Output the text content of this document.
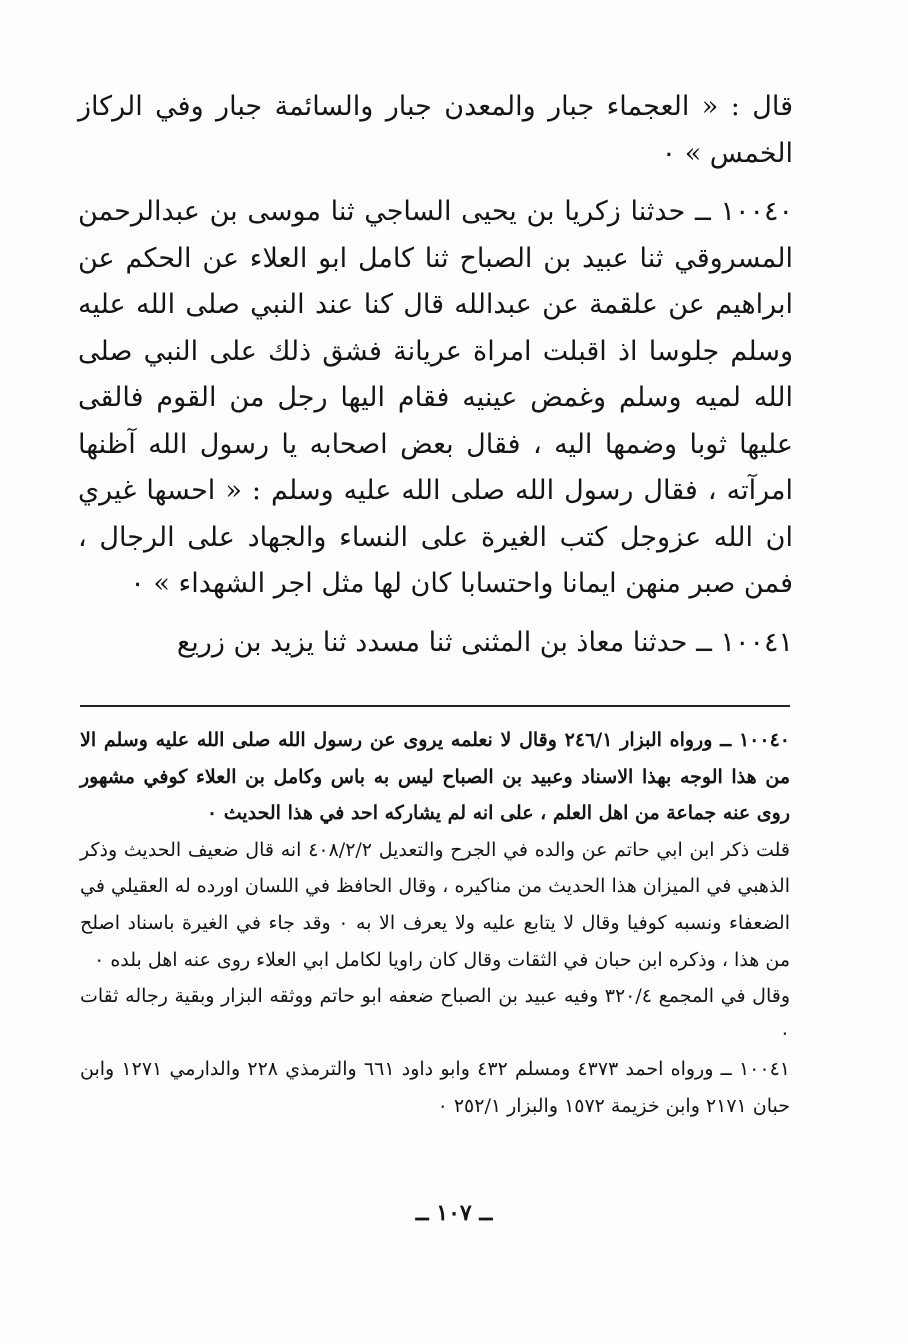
قال : « العجماء جبار والمعدن جبار والسائمة جبار وفي الركاز الخمس » ٠

١٠٠٤٠ ــ حدثنا زكريا بن يحيى الساجي ثنا موسى بن عبدالرحمن المسروقي ثنا عبيد بن الصباح ثنا كامل ابو العلاء عن الحكم عن ابراهيم عن علقمة عن عبدالله قال كنا عند النبي صلى الله عليه وسلم جلوسا اذ اقبلت امراة عريانة فشق ذلك على النبي صلى الله لميه وسلم وغمض عينيه فقام اليها رجل من القوم فالقى عليها ثوبا وضمها اليه ، فقال بعض اصحابه يا رسول الله آظنها امرآته ، فقال رسول الله صلى الله عليه وسلم : « احسها غيري ان الله عزوجل كتب الغيرة على النساء والجهاد على الرجال ، فمن صبر منهن ايمانا واحتسابا كان لها مثل اجر الشهداء » ٠

١٠٠٤١ ــ حدثنا معاذ بن المثنى ثنا مسدد ثنا يزيد بن زريع

١٠٠٤٠ ــ ورواه البزار ٢٤٦/١ وقال لا نعلمه يروى عن رسول الله صلى الله عليه وسلم الا من هذا الوجه بهذا الاسناد وعبيد بن الصباح ليس به باس وكامل بن العلاء كوفي مشهور روى عنه جماعة من اهل العلم ، على انه لم يشاركه احد في هذا الحديث ٠

قلت ذكر ابن ابي حاتم عن والده في الجرح والتعديل ٤٠٨/٢/٢ انه قال ضعيف الحديث وذكر الذهبي في الميزان هذا الحديث من مناكيره ، وقال الحافظ في اللسان اورده له العقيلي في الضعفاء ونسبه كوفيا وقال لا يتابع عليه ولا يعرف الا به ٠ وقد جاء في الغيرة باسناد اصلح من هذا ، وذكره ابن حبان في الثقات وقال كان راويا لكامل ابي العلاء روى عنه اهل بلده ٠

وقال في المجمع ٣٢٠/٤ وفيه عبيد بن الصباح ضعفه ابو حاتم ووثقه البزار وبقية رجاله ثقات ٠

١٠٠٤١ ــ ورواه احمد ٤٣٧٣ ومسلم ٤٣٢ وابو داود ٦٦١ والترمذي ٢٢٨ والدارمي ١٢٧١ وابن حبان ٢١٧١ وابن خزيمة ١٥٧٢ والبزار ٢٥٢/١ ٠

ــ ١٠٧ ــ
